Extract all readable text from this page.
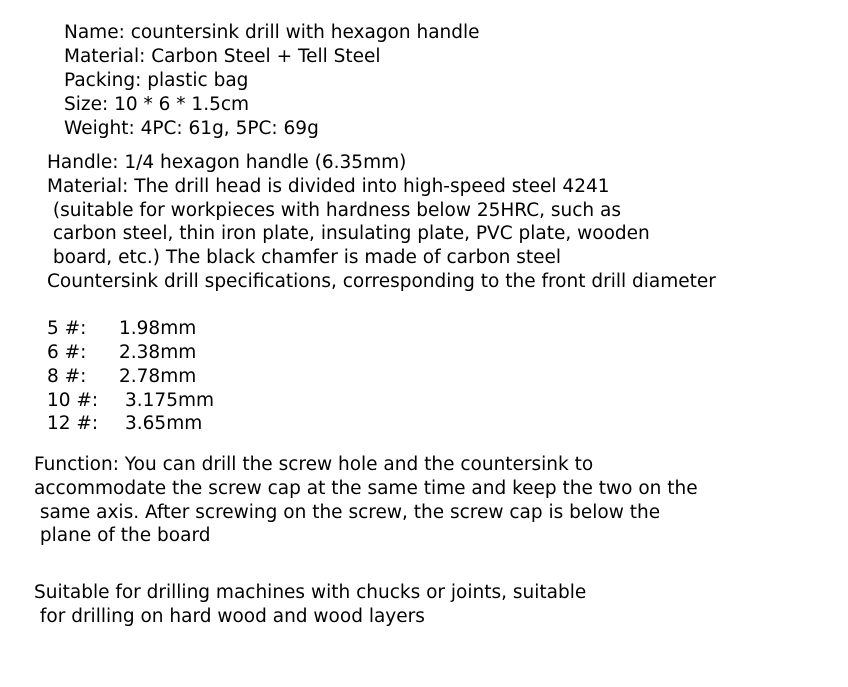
Name: countersink drill with hexagon handle
Material: Carbon Steel + Tell Steel
Packing: plastic bag
Size: 10 * 6 * 1.5cm
Weight: 4PC: 61g, 5PC: 69g
Handle: 1/4 hexagon handle (6.35mm)
Material: The drill head is divided into high-speed steel 4241
(suitable for workpieces with hardness below 25HRC, such as
carbon steel, thin iron plate, insulating plate, PVC plate, wooden
board, etc.) The black chamfer is made of carbon steel
Countersink drill specifications, corresponding to the front drill diameter

5 #:

1.98mm

6 #:

2.38mm

8 #:

2.78mm

10 #:

3.175mm

12 #:

3.65mm

Function: You can drill the screw hole and the countersink to
accommodate the screw cap at the same time and keep the two on the
same axis. After screwing on the screw, the screw cap is below the
plane of the board
Suitable for drilling machines with chucks or joints, suitable
for drilling on hard wood and wood layers
